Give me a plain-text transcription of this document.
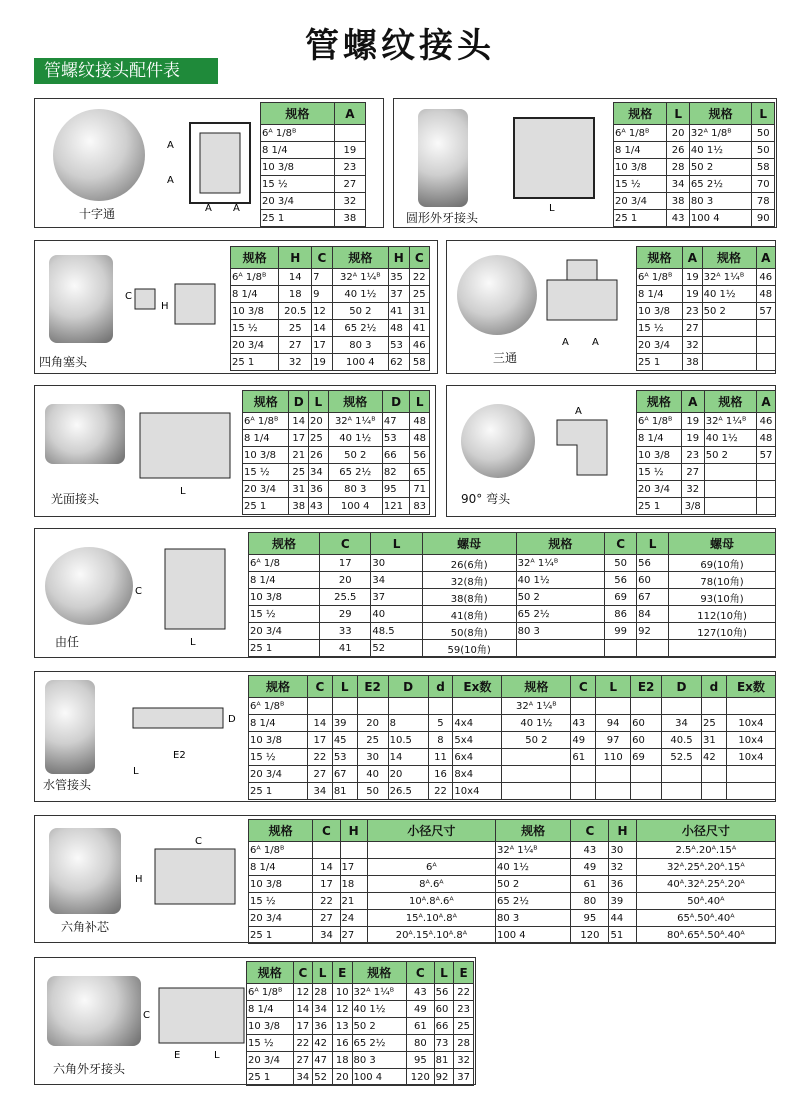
管螺纹接头
管螺纹接头配件表
A
A
A A
十字通	L
圆形外牙接头
C
H
四角塞头
A A
三通
L
光面接头
A
90° 弯头
C
L
由任
D
E2
L
水管接头
C
H
六角补芯
C
E	L
六角外牙接头
规格	A
6ᴬ 1/8ᴮ	
8 1/4	19
10 3/8	23
15 ½	27
20 3/4	32
25 1	38
规格	L	规格	L
6ᴬ 1/8ᴮ	20	32ᴬ 1/8ᴮ	50
8 1/4	26	40 1½	50
10 3/8	28	50 2	58
15 ½	34	65 2½	70
20 3/4	38	80 3	78
25 1	43	100 4	90
规格	H	C	规格	H	C
6ᴬ 1/8ᴮ	14	7	32ᴬ 1¼ᴮ	35	22
8 1/4	18	9	40 1½	37	25
10 3/8	20.5	12	50 2	41	31
15 ½	25	14	65 2½	48	41
20 3/4	27	17	80 3	53	46
25 1	32	19	100 4	62	58
规格	A	规格	A
6ᴬ 1/8ᴮ	19	32ᴬ 1¼ᴮ	46
8 1/4	19	40 1½	48
10 3/8	23	50 2	57
15 ½	27		
20 3/4	32		
25 1	38		
规格	D	L	规格	D	L
6ᴬ 1/8ᴮ	14	20	32ᴬ 1¼ᴮ	47	48
8 1/4	17	25	40 1½	53	48
10 3/8	21	26	50 2	66	56
15 ½	25	34	65 2½	82	65
20 3/4	31	36	80 3	95	71
25 1	38	43	100 4	121	83
规格	A	规格	A
6ᴬ 1/8ᴮ	19	32ᴬ 1¼ᴮ	46
8 1/4	19	40 1½	48
10 3/8	23	50 2	57
15 ½	27		
20 3/4	32		
25 1	3/8		
规格	C	L	螺母	规格	C	L	螺母
6ᴬ 1/8	17	30	26(6角)	32ᴬ 1¼ᴮ	50	56	69(10角)
8 1/4	20	34	32(8角)	40 1½	56	60	78(10角)
10 3/8	25.5	37	38(8角)	50 2	69	67	93(10角)
15 ½	29	40	41(8角)	65 2½	86	84	112(10角)
20 3/4	33	48.5	50(8角)	80 3	99	92	127(10角)
25 1	41	52	59(10角)				
规格	C	L	E2	D	d	Ex数	规格	C	L	E2	D	d	Ex数
6ᴬ 1/8ᴮ							32ᴬ 1¼ᴮ						
8 1/4	14	39	20	8	5	4x4	40 1½	43	94	60	34	25	10x4
10 3/8	17	45	25	10.5	8	5x4	50 2	49	97	60	40.5	31	10x4
15 ½	22	53	30	14	11	6x4		61	110	69	52.5	42	10x4
20 3/4	27	67	40	20	16	8x4							
25 1	34	81	50	26.5	22	10x4							
规格	C	H	小径尺寸	规格	C	H	小径尺寸
6ᴬ 1/8ᴮ				32ᴬ 1¼ᴮ	43	30	2.5ᴬ.20ᴬ.15ᴬ
8 1/4	14	17	6ᴬ	40 1½	49	32	32ᴬ.25ᴬ.20ᴬ.15ᴬ
10 3/8	17	18	8ᴬ.6ᴬ	50 2	61	36	40ᴬ.32ᴬ.25ᴬ.20ᴬ
15 ½	22	21	10ᴬ.8ᴬ.6ᴬ	65 2½	80	39	50ᴬ.40ᴬ
20 3/4	27	24	15ᴬ.10ᴬ.8ᴬ	80 3	95	44	65ᴬ.50ᴬ.40ᴬ
25 1	34	27	20ᴬ.15ᴬ.10ᴬ.8ᴬ	100 4	120	51	80ᴬ.65ᴬ.50ᴬ.40ᴬ
规格	C	L	E	规格	C	L	E
6ᴬ 1/8ᴮ	12	28	10	32ᴬ 1¼ᴮ	43	56	22
8 1/4	14	34	12	40 1½	49	60	23
10 3/8	17	36	13	50 2	61	66	25
15 ½	22	42	16	65 2½	80	73	28
20 3/4	27	47	18	80 3	95	81	32
25 1	34	52	20	100 4	120	92	37
